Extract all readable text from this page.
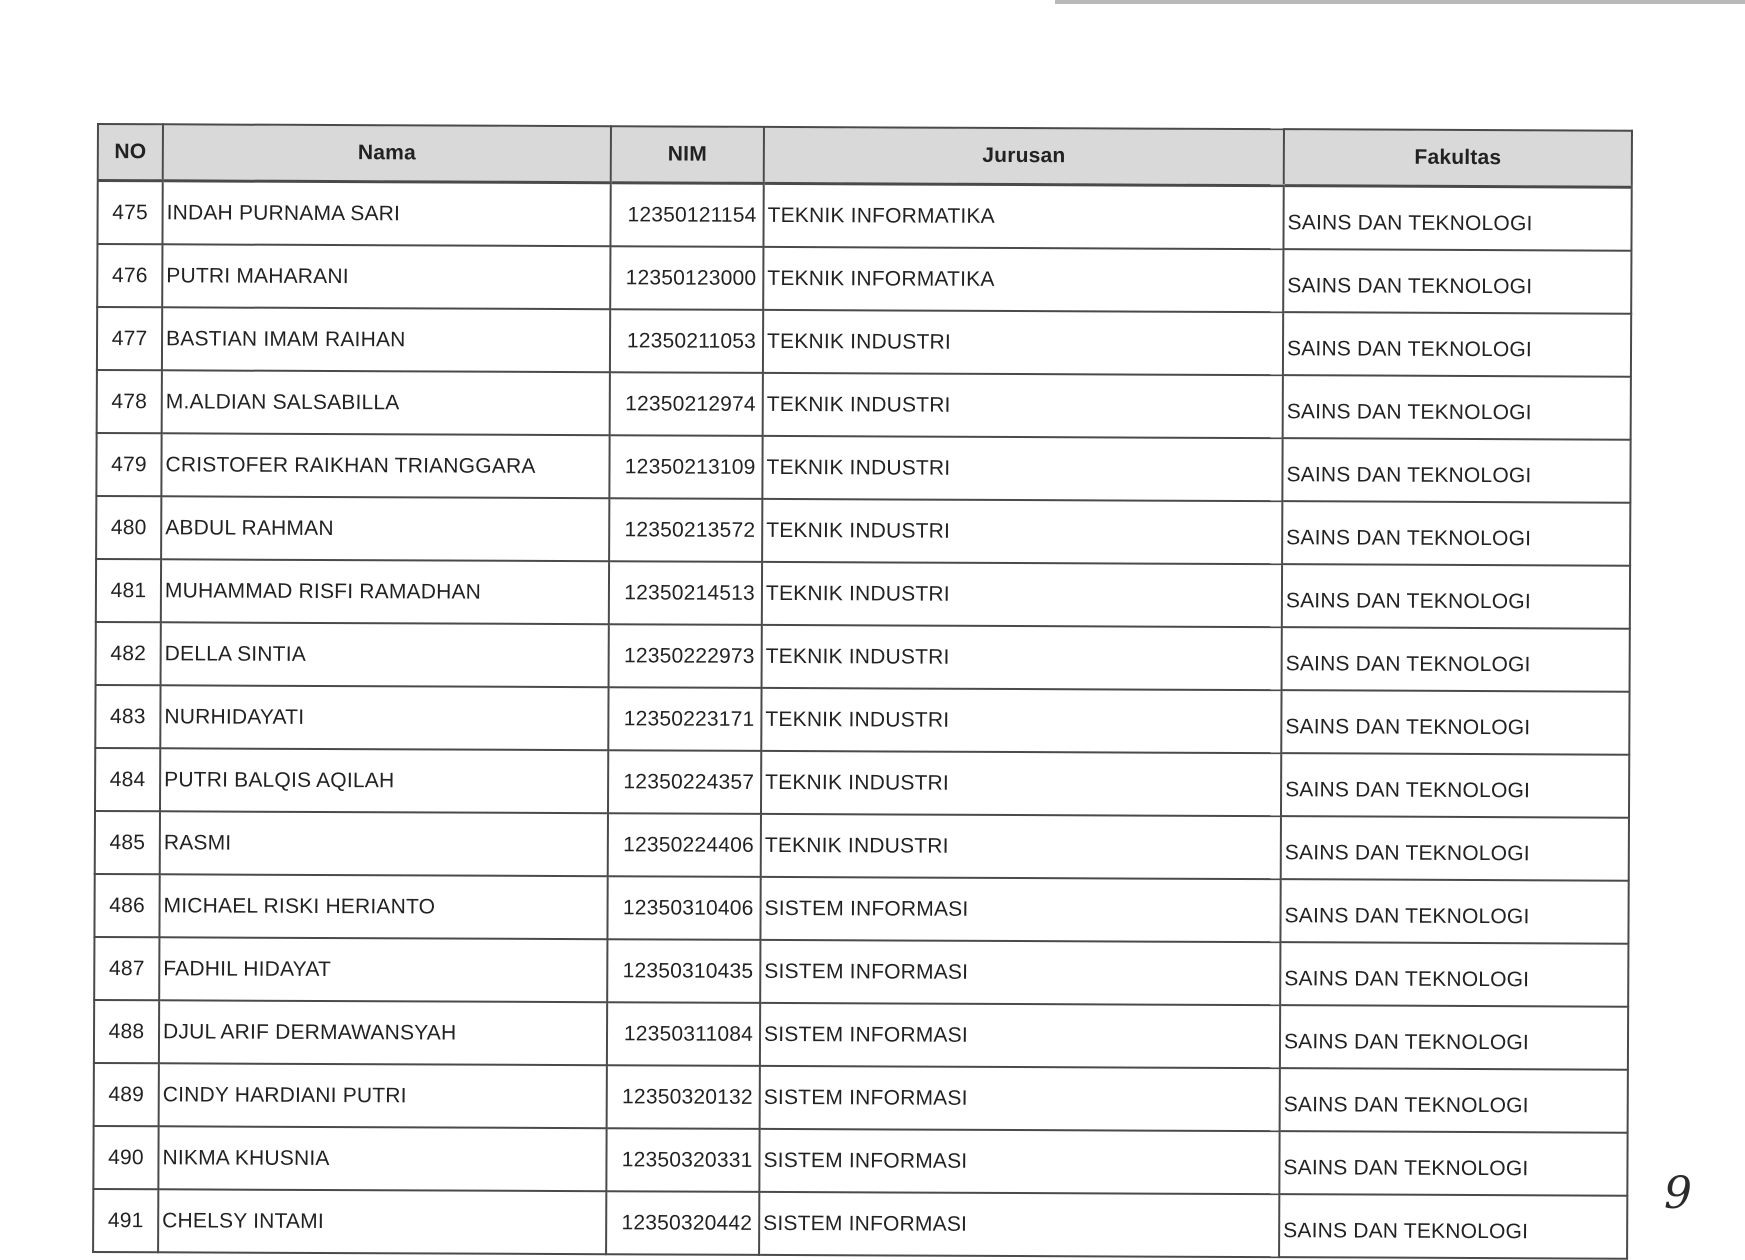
NO	Nama	NIM	Jurusan	Fakultas
475	INDAH PURNAMA SARI	12350121154	TEKNIK INFORMATIKA	SAINS DAN TEKNOLOGI
476	PUTRI MAHARANI	12350123000	TEKNIK INFORMATIKA	SAINS DAN TEKNOLOGI
477	BASTIAN IMAM RAIHAN	12350211053	TEKNIK INDUSTRI	SAINS DAN TEKNOLOGI
478	M.ALDIAN SALSABILLA	12350212974	TEKNIK INDUSTRI	SAINS DAN TEKNOLOGI
479	CRISTOFER RAIKHAN TRIANGGARA	12350213109	TEKNIK INDUSTRI	SAINS DAN TEKNOLOGI
480	ABDUL RAHMAN	12350213572	TEKNIK INDUSTRI	SAINS DAN TEKNOLOGI
481	MUHAMMAD RISFI RAMADHAN	12350214513	TEKNIK INDUSTRI	SAINS DAN TEKNOLOGI
482	DELLA SINTIA	12350222973	TEKNIK INDUSTRI	SAINS DAN TEKNOLOGI
483	NURHIDAYATI	12350223171	TEKNIK INDUSTRI	SAINS DAN TEKNOLOGI
484	PUTRI BALQIS AQILAH	12350224357	TEKNIK INDUSTRI	SAINS DAN TEKNOLOGI
485	RASMI	12350224406	TEKNIK INDUSTRI	SAINS DAN TEKNOLOGI
486	MICHAEL RISKI HERIANTO	12350310406	SISTEM INFORMASI	SAINS DAN TEKNOLOGI
487	FADHIL HIDAYAT	12350310435	SISTEM INFORMASI	SAINS DAN TEKNOLOGI
488	DJUL ARIF DERMAWANSYAH	12350311084	SISTEM INFORMASI	SAINS DAN TEKNOLOGI
489	CINDY HARDIANI PUTRI	12350320132	SISTEM INFORMASI	SAINS DAN TEKNOLOGI
490	NIKMA KHUSNIA	12350320331	SISTEM INFORMASI	SAINS DAN TEKNOLOGI
491	CHELSY INTAMI	12350320442	SISTEM INFORMASI	SAINS DAN TEKNOLOGI
9
